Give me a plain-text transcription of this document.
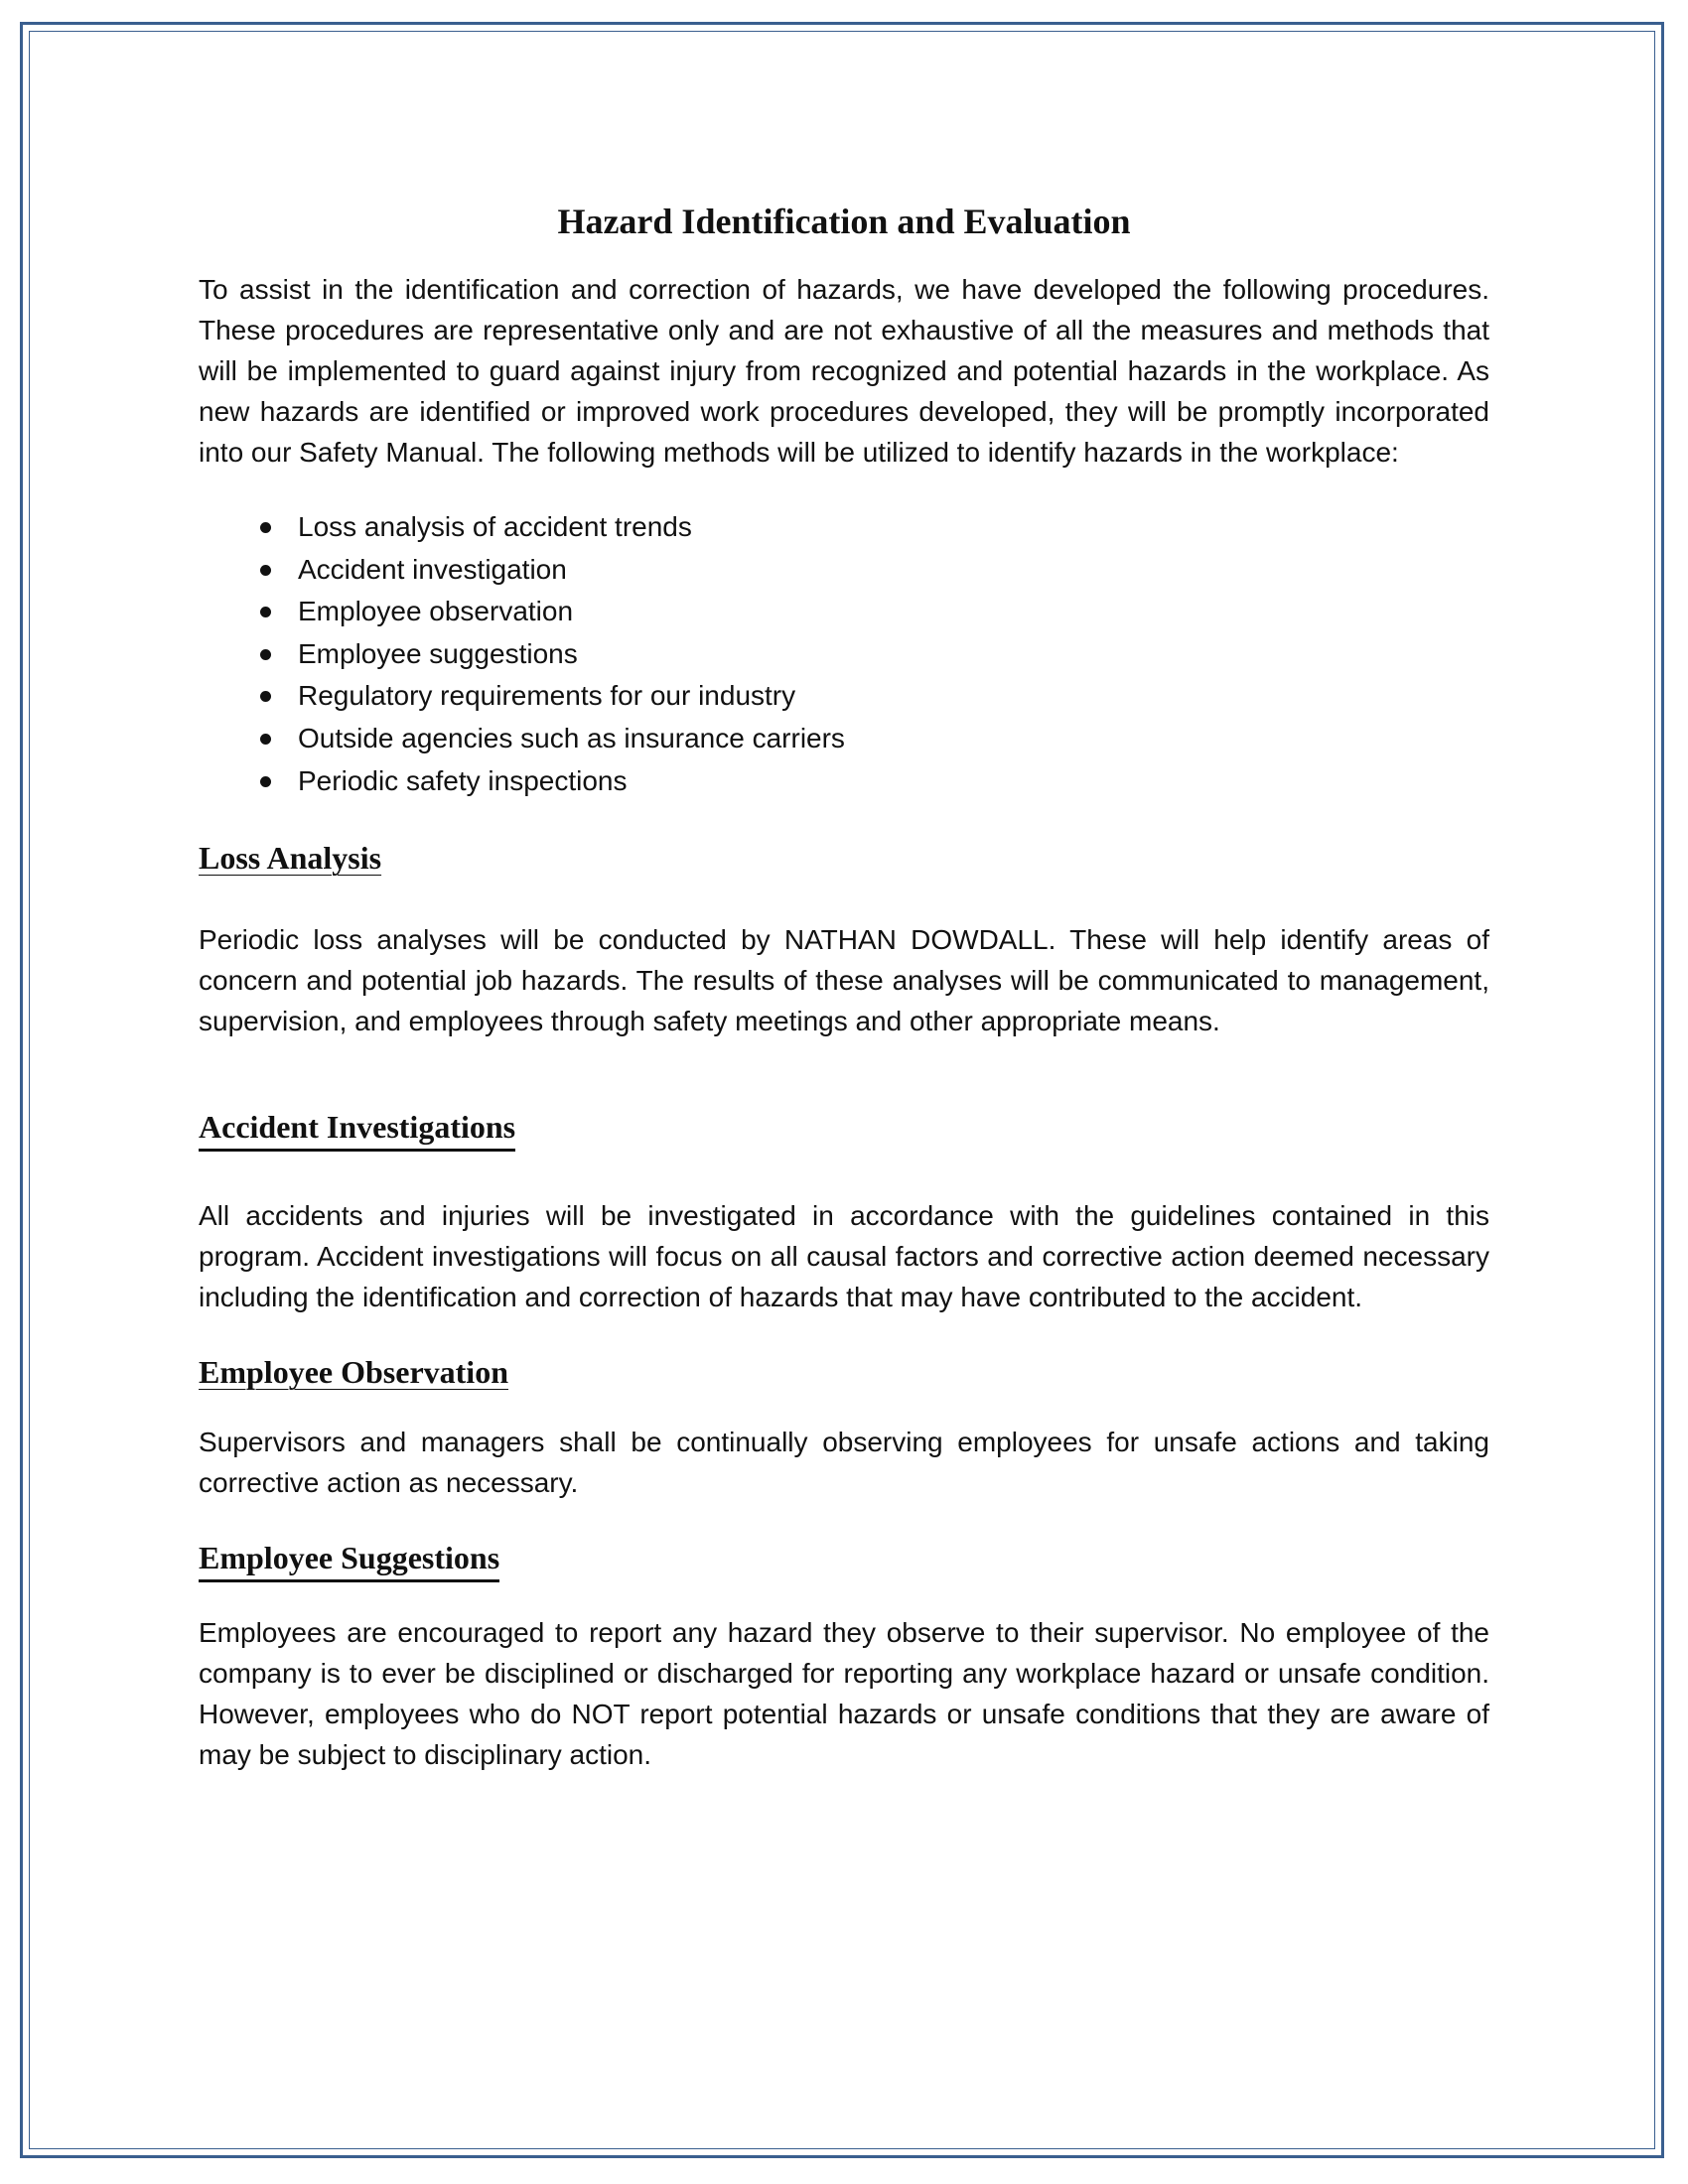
Hazard Identification and Evaluation

To assist in the identification and correction of hazards, we have developed the following procedures. These procedures are representative only and are not exhaustive of all the measures and methods that will be implemented to guard against injury from recognized and potential hazards in the workplace. As new hazards are identified or improved work procedures developed, they will be promptly incorporated into our Safety Manual. The following methods will be utilized to identify hazards in the workplace:

Loss analysis of accident trends
Accident investigation
Employee observation
Employee suggestions
Regulatory requirements for our industry
Outside agencies such as insurance carriers
Periodic safety inspections
Loss Analysis

Periodic loss analyses will be conducted by NATHAN DOWDALL. These will help identify areas of concern and potential job hazards. The results of these analyses will be communicated to management, supervision, and employees through safety meetings and other appropriate means.

Accident Investigations

All accidents and injuries will be investigated in accordance with the guidelines contained in this program. Accident investigations will focus on all causal factors and corrective action deemed necessary including the identification and correction of hazards that may have contributed to the accident.

Employee Observation

Supervisors and managers shall be continually observing employees for unsafe actions and taking corrective action as necessary.

Employee Suggestions

Employees are encouraged to report any hazard they observe to their supervisor. No employee of the company is to ever be disciplined or discharged for reporting any workplace hazard or unsafe condition. However, employees who do NOT report potential hazards or unsafe conditions that they are aware of may be subject to disciplinary action.
